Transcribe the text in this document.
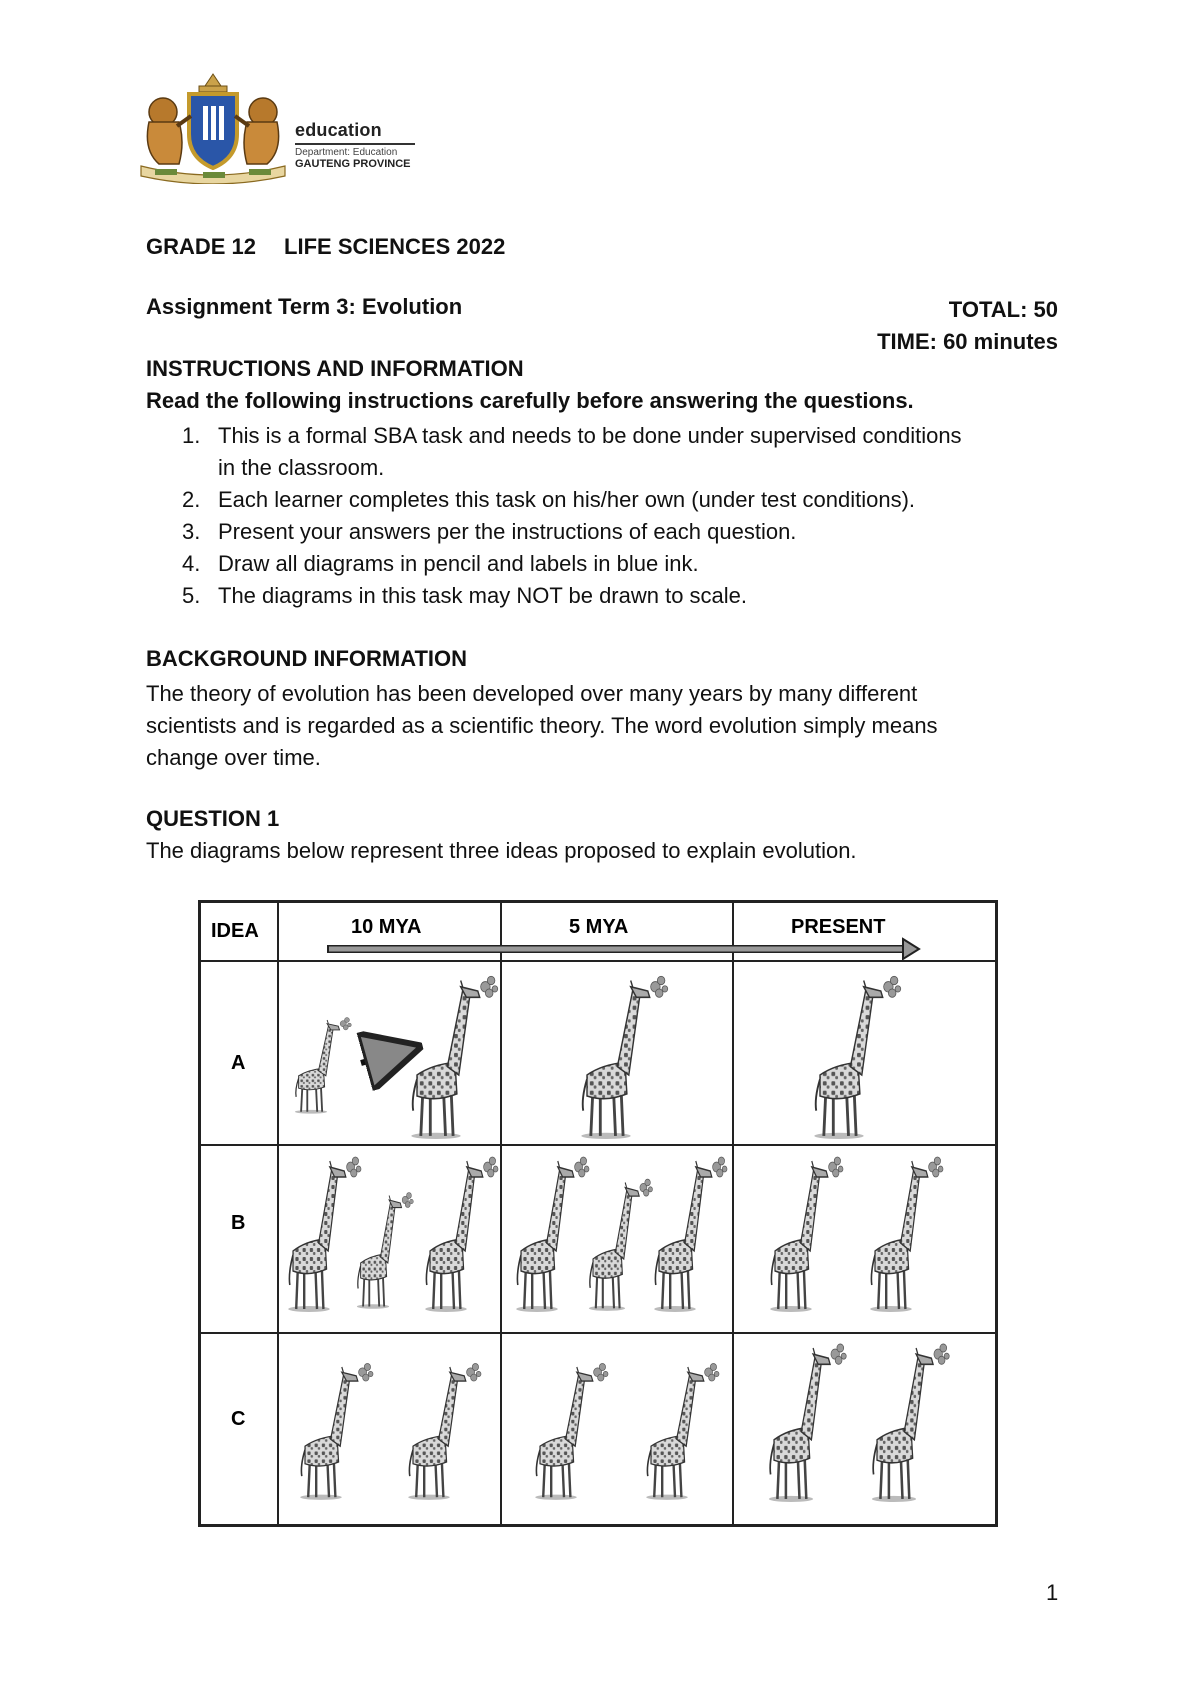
education
Department: Education
GAUTENG PROVINCE
GRADE 12 LIFE SCIENCES 2022
Assignment Term 3: Evolution	TOTAL: 50
TIME: 60 minutes
INSTRUCTIONS AND INFORMATION
Read the following instructions carefully before answering the questions.
1. This is a formal SBA task and needs to be done under supervised conditions
in the classroom.
2. Each learner completes this task on his/her own (under test conditions).
3. Present your answers per the instructions of each question.
4. Draw all diagrams in pencil and labels in blue ink.
5. The diagrams in this task may NOT be drawn to scale.
BACKGROUND INFORMATION
The theory of evolution has been developed over many years by many different
scientists and is regarded as a scientific theory. The word evolution simply means
change over time.
QUESTION 1
The diagrams below represent three ideas proposed to explain evolution.
IDEA	10 MYA	5 MYA	PRESENT
A
B
C
1
